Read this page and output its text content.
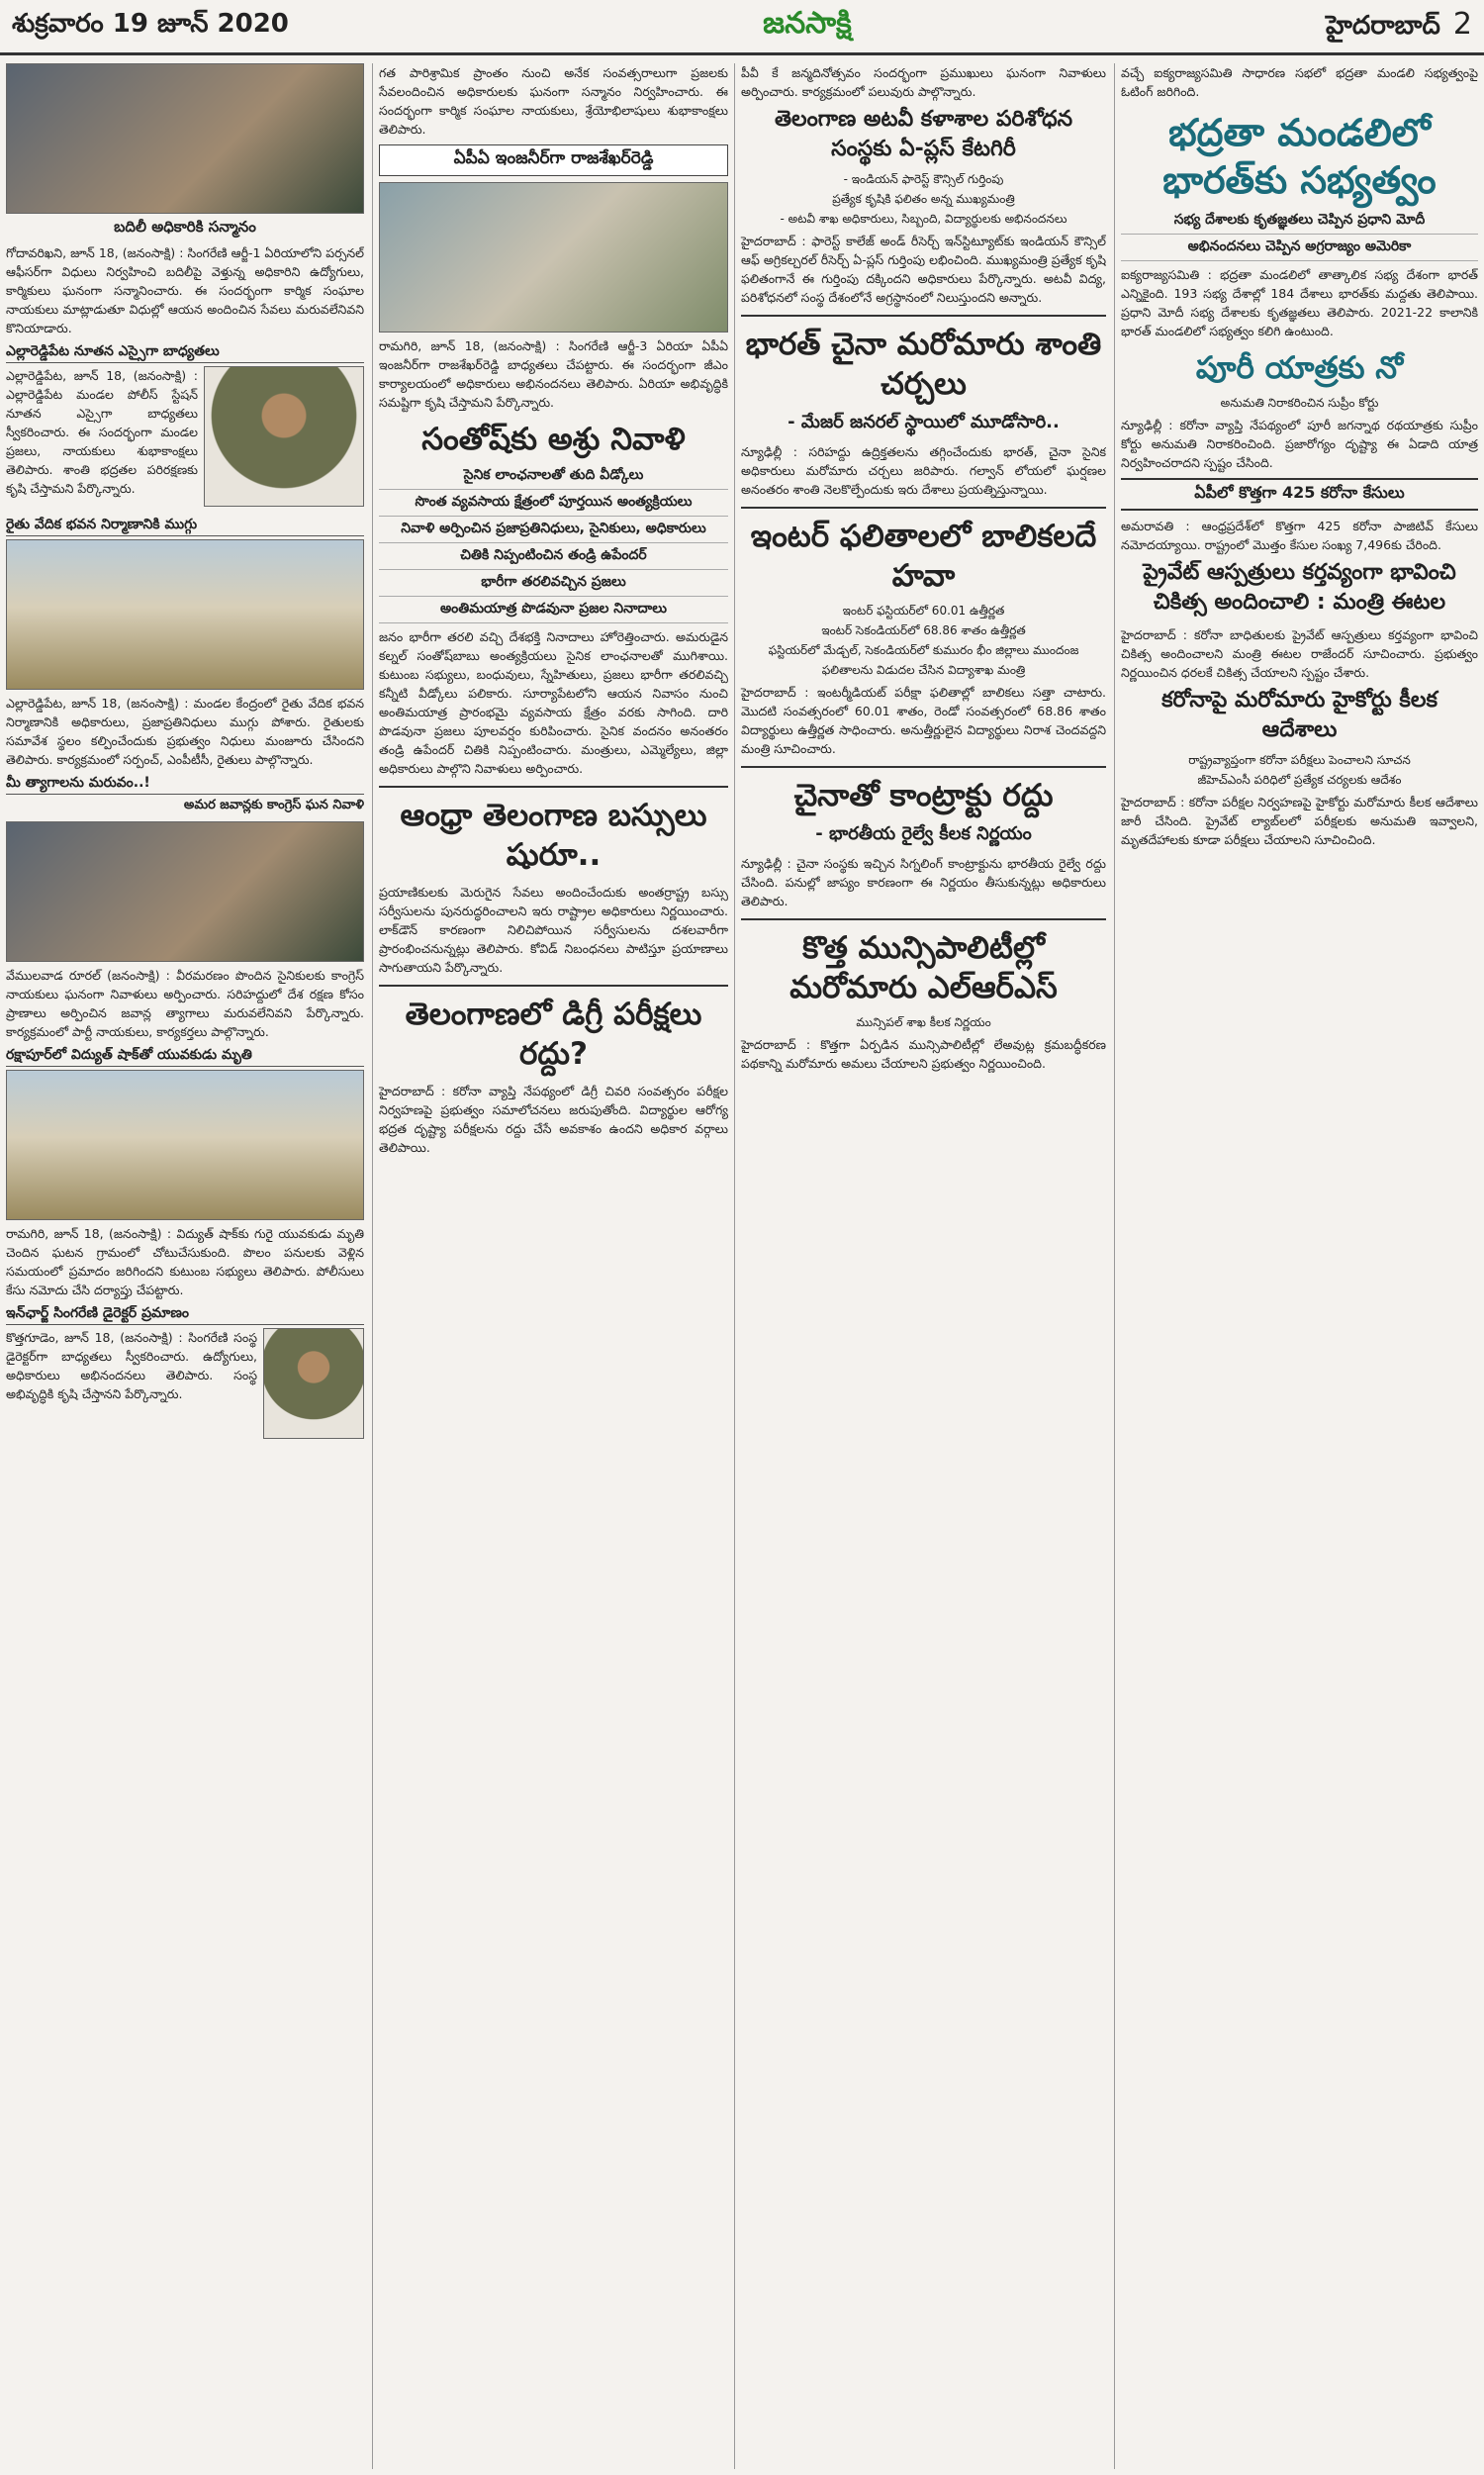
శుక్రవారం 19 జూన్ 2020	జనసాక్షి	హైదరాబాద్ 2
బదిలీ అధికారికి సన్మానం

గోదావరిఖని, జూన్ 18, (జనంసాక్షి) : సింగరేణి ఆర్జీ-1 ఏరియాలోని పర్సనల్ ఆఫీసర్‌గా విధులు నిర్వహించి బదిలీపై వెళ్తున్న అధికారిని ఉద్యోగులు, కార్మికులు ఘనంగా సన్మానించారు. ఈ సందర్భంగా కార్మిక సంఘాల నాయకులు మాట్లాడుతూ విధుల్లో ఆయన అందించిన సేవలు మరువలేనివని కొనియాడారు.

ఎల్లారెడ్డిపేట నూతన ఎస్సైగా బాధ్యతలు

ఎల్లారెడ్డిపేట, జూన్ 18, (జనంసాక్షి) : ఎల్లారెడ్డిపేట మండల పోలీస్ స్టేషన్ నూతన ఎస్సైగా బాధ్యతలు స్వీకరించారు. ఈ సందర్భంగా మండల ప్రజలు, నాయకులు శుభాకాంక్షలు తెలిపారు. శాంతి భద్రతల పరిరక్షణకు కృషి చేస్తామని పేర్కొన్నారు.

రైతు వేదిక భవన నిర్మాణానికి ముగ్గు

ఎల్లారెడ్డిపేట, జూన్ 18, (జనంసాక్షి) : మండల కేంద్రంలో రైతు వేదిక భవన నిర్మాణానికి అధికారులు, ప్రజాప్రతినిధులు ముగ్గు పోశారు. రైతులకు సమావేశ స్థలం కల్పించేందుకు ప్రభుత్వం నిధులు మంజూరు చేసిందని తెలిపారు. కార్యక్రమంలో సర్పంచ్, ఎంపీటీసీ, రైతులు పాల్గొన్నారు.

మీ త్యాగాలను మరువం..!
అమర జవాన్లకు కాంగ్రెస్ ఘన నివాళి

వేములవాడ రూరల్ (జనంసాక్షి) : వీరమరణం పొందిన సైనికులకు కాంగ్రెస్ నాయకులు ఘనంగా నివాళులు అర్పించారు. సరిహద్దులో దేశ రక్షణ కోసం ప్రాణాలు అర్పించిన జవాన్ల త్యాగాలు మరువలేనివని పేర్కొన్నారు. కార్యక్రమంలో పార్టీ నాయకులు, కార్యకర్తలు పాల్గొన్నారు.

రక్షాపూర్‌లో విద్యుత్ షాక్‌తో యువకుడు మృతి

రామగిరి, జూన్ 18, (జనంసాక్షి) : విద్యుత్ షాక్‌కు గురై యువకుడు మృతి చెందిన ఘటన గ్రామంలో చోటుచేసుకుంది. పొలం పనులకు వెళ్లిన సమయంలో ప్రమాదం జరిగిందని కుటుంబ సభ్యులు తెలిపారు. పోలీసులు కేసు నమోదు చేసి దర్యాప్తు చేపట్టారు.

ఇన్‌ఛార్జ్ సింగరేణి డైరెక్టర్ ప్రమాణం

కొత్తగూడెం, జూన్ 18, (జనంసాక్షి) : సింగరేణి సంస్థ డైరెక్టర్‌గా బాధ్యతలు స్వీకరించారు. ఉద్యోగులు, అధికారులు అభినందనలు తెలిపారు. సంస్థ అభివృద్ధికి కృషి చేస్తానని పేర్కొన్నారు.

గత పారిశ్రామిక ప్రాంతం నుంచి అనేక సంవత్సరాలుగా ప్రజలకు సేవలందించిన అధికారులకు ఘనంగా సన్మానం నిర్వహించారు. ఈ సందర్భంగా కార్మిక సంఘాల నాయకులు, శ్రేయోభిలాషులు శుభాకాంక్షలు తెలిపారు.

ఏపీఏ ఇంజనీర్‌గా రాజశేఖర్‌రెడ్డి

రామగిరి, జూన్ 18, (జనంసాక్షి) : సింగరేణి ఆర్జీ-3 ఏరియా ఏపీఏ ఇంజనీర్‌గా రాజశేఖర్‌రెడ్డి బాధ్యతలు చేపట్టారు. ఈ సందర్భంగా జీఎం కార్యాలయంలో అధికారులు అభినందనలు తెలిపారు. ఏరియా అభివృద్ధికి సమష్టిగా కృషి చేస్తామని పేర్కొన్నారు.

సంతోష్‌కు అశ్రు నివాళి
సైనిక లాంఛనాలతో తుది వీడ్కోలు
సొంత వ్యవసాయ క్షేత్రంలో పూర్తయిన అంత్యక్రియలు
నివాళి అర్పించిన ప్రజాప్రతినిధులు, సైనికులు, అధికారులు
చితికి నిప్పంటించిన తండ్రి ఉపేందర్
భారీగా తరలివచ్చిన ప్రజలు
అంతిమయాత్ర పొడవునా ప్రజల నినాదాలు

జనం భారీగా తరలి వచ్చి దేశభక్తి నినాదాలు హోరెత్తించారు. అమరుడైన కల్నల్ సంతోష్‌బాబు అంత్యక్రియలు సైనిక లాంఛనాలతో ముగిశాయి. కుటుంబ సభ్యులు, బంధువులు, స్నేహితులు, ప్రజలు భారీగా తరలివచ్చి కన్నీటి వీడ్కోలు పలికారు. సూర్యాపేటలోని ఆయన నివాసం నుంచి అంతిమయాత్ర ప్రారంభమై వ్యవసాయ క్షేత్రం వరకు సాగింది. దారి పొడవునా ప్రజలు పూలవర్షం కురిపించారు. సైనిక వందనం అనంతరం తండ్రి ఉపేందర్ చితికి నిప్పంటించారు. మంత్రులు, ఎమ్మెల్యేలు, జిల్లా అధికారులు పాల్గొని నివాళులు అర్పించారు.

ఆంధ్రా తెలంగాణ బస్సులు షురూ..

ప్రయాణికులకు మెరుగైన సేవలు అందించేందుకు అంతర్రాష్ట్ర బస్సు సర్వీసులను పునరుద్ధరించాలని ఇరు రాష్ట్రాల అధికారులు నిర్ణయించారు. లాక్‌డౌన్ కారణంగా నిలిచిపోయిన సర్వీసులను దశలవారీగా ప్రారంభించనున్నట్లు తెలిపారు. కోవిడ్ నిబంధనలు పాటిస్తూ ప్రయాణాలు సాగుతాయని పేర్కొన్నారు.

తెలంగాణలో డిగ్రీ పరీక్షలు రద్దు?

హైదరాబాద్ : కరోనా వ్యాప్తి నేపథ్యంలో డిగ్రీ చివరి సంవత్సరం పరీక్షల నిర్వహణపై ప్రభుత్వం సమాలోచనలు జరుపుతోంది. విద్యార్థుల ఆరోగ్య భద్రత దృష్ట్యా పరీక్షలను రద్దు చేసే అవకాశం ఉందని అధికార వర్గాలు తెలిపాయి.

పీవీ కే జన్మదినోత్సవం సందర్భంగా ప్రముఖులు ఘనంగా నివాళులు అర్పించారు. కార్యక్రమంలో పలువురు పాల్గొన్నారు.

తెలంగాణ అటవీ కళాశాల పరిశోధన సంస్థకు ఏ-ప్లస్ కేటగిరీ
- ఇండియన్ ఫారెస్ట్ కౌన్సిల్ గుర్తింపు
ప్రత్యేక కృషికి ఫలితం అన్న ముఖ్యమంత్రి
- అటవీ శాఖ అధికారులు, సిబ్బంది, విద్యార్థులకు అభినందనలు

హైదరాబాద్ : ఫారెస్ట్ కాలేజ్ అండ్ రీసెర్చ్ ఇన్‌స్టిట్యూట్‌కు ఇండియన్ కౌన్సిల్ ఆఫ్ అగ్రికల్చరల్ రీసెర్చ్ ఏ-ప్లస్ గుర్తింపు లభించింది. ముఖ్యమంత్రి ప్రత్యేక కృషి ఫలితంగానే ఈ గుర్తింపు దక్కిందని అధికారులు పేర్కొన్నారు. అటవీ విద్య, పరిశోధనలో సంస్థ దేశంలోనే అగ్రస్థానంలో నిలుస్తుందని అన్నారు.

భారత్ చైనా మరోమారు శాంతి చర్చలు
- మేజర్ జనరల్ స్థాయిలో మూడోసారి..

న్యూఢిల్లీ : సరిహద్దు ఉద్రిక్తతలను తగ్గించేందుకు భారత్, చైనా సైనిక అధికారులు మరోమారు చర్చలు జరిపారు. గల్వాన్ లోయలో ఘర్షణల అనంతరం శాంతి నెలకొల్పేందుకు ఇరు దేశాలు ప్రయత్నిస్తున్నాయి.

ఇంటర్ ఫలితాలలో బాలికలదే హవా
ఇంటర్ ఫస్టియర్‌లో 60.01 ఉత్తీర్ణత
ఇంటర్ సెకండియర్‌లో 68.86 శాతం ఉత్తీర్ణత
ఫస్టియర్‌లో మేడ్చల్, సెకండియర్‌లో కుమురం భీం జిల్లాలు ముందంజ
ఫలితాలను విడుదల చేసిన విద్యాశాఖ మంత్రి

హైదరాబాద్ : ఇంటర్మీడియట్ పరీక్షా ఫలితాల్లో బాలికలు సత్తా చాటారు. మొదటి సంవత్సరంలో 60.01 శాతం, రెండో సంవత్సరంలో 68.86 శాతం విద్యార్థులు ఉత్తీర్ణత సాధించారు. అనుత్తీర్ణులైన విద్యార్థులు నిరాశ చెందవద్దని మంత్రి సూచించారు.

చైనాతో కాంట్రాక్టు రద్దు
- భారతీయ రైల్వే కీలక నిర్ణయం

న్యూఢిల్లీ : చైనా సంస్థకు ఇచ్చిన సిగ్నలింగ్ కాంట్రాక్టును భారతీయ రైల్వే రద్దు చేసింది. పనుల్లో జాప్యం కారణంగా ఈ నిర్ణయం తీసుకున్నట్లు అధికారులు తెలిపారు.

కొత్త మున్సిపాలిటీల్లో మరోమారు ఎల్‌ఆర్‌ఎస్
మున్సిపల్ శాఖ కీలక నిర్ణయం

హైదరాబాద్ : కొత్తగా ఏర్పడిన మున్సిపాలిటీల్లో లేఅవుట్ల క్రమబద్ధీకరణ పథకాన్ని మరోమారు అమలు చేయాలని ప్రభుత్వం నిర్ణయించింది.

వచ్చే ఐక్యరాజ్యసమితి సాధారణ సభలో భద్రతా మండలి సభ్యత్వంపై ఓటింగ్ జరిగింది.

భద్రతా మండలిలో భారత్‌కు సభ్యత్వం
సభ్య దేశాలకు కృతజ్ఞతలు చెప్పిన ప్రధాని మోదీ
అభినందనలు చెప్పిన అగ్రరాజ్యం అమెరికా

ఐక్యరాజ్యసమితి : భద్రతా మండలిలో తాత్కాలిక సభ్య దేశంగా భారత్ ఎన్నికైంది. 193 సభ్య దేశాల్లో 184 దేశాలు భారత్‌కు మద్దతు తెలిపాయి. ప్రధాని మోదీ సభ్య దేశాలకు కృతజ్ఞతలు తెలిపారు. 2021-22 కాలానికి భారత్ మండలిలో సభ్యత్వం కలిగి ఉంటుంది.

పూరీ యాత్రకు నో
అనుమతి నిరాకరించిన సుప్రీం కోర్టు

న్యూఢిల్లీ : కరోనా వ్యాప్తి నేపథ్యంలో పూరీ జగన్నాథ రథయాత్రకు సుప్రీం కోర్టు అనుమతి నిరాకరించింది. ప్రజారోగ్యం దృష్ట్యా ఈ ఏడాది యాత్ర నిర్వహించరాదని స్పష్టం చేసింది.

ఏపీలో కొత్తగా 425 కరోనా కేసులు

అమరావతి : ఆంధ్రప్రదేశ్‌లో కొత్తగా 425 కరోనా పాజిటివ్ కేసులు నమోదయ్యాయి. రాష్ట్రంలో మొత్తం కేసుల సంఖ్య 7,496కు చేరింది.

ప్రైవేట్ ఆస్పత్రులు కర్తవ్యంగా భావించి చికిత్స అందించాలి : మంత్రి ఈటల

హైదరాబాద్ : కరోనా బాధితులకు ప్రైవేట్ ఆస్పత్రులు కర్తవ్యంగా భావించి చికిత్స అందించాలని మంత్రి ఈటల రాజేందర్ సూచించారు. ప్రభుత్వం నిర్ణయించిన ధరలకే చికిత్స చేయాలని స్పష్టం చేశారు.

కరోనాపై మరోమారు హైకోర్టు కీలక ఆదేశాలు
రాష్ట్రవ్యాప్తంగా కరోనా పరీక్షలు పెంచాలని సూచన
జీహెచ్‌ఎంసీ పరిధిలో ప్రత్యేక చర్యలకు ఆదేశం

హైదరాబాద్ : కరోనా పరీక్షల నిర్వహణపై హైకోర్టు మరోమారు కీలక ఆదేశాలు జారీ చేసింది. ప్రైవేట్ ల్యాబ్‌లలో పరీక్షలకు అనుమతి ఇవ్వాలని, మృతదేహాలకు కూడా పరీక్షలు చేయాలని సూచించింది.
